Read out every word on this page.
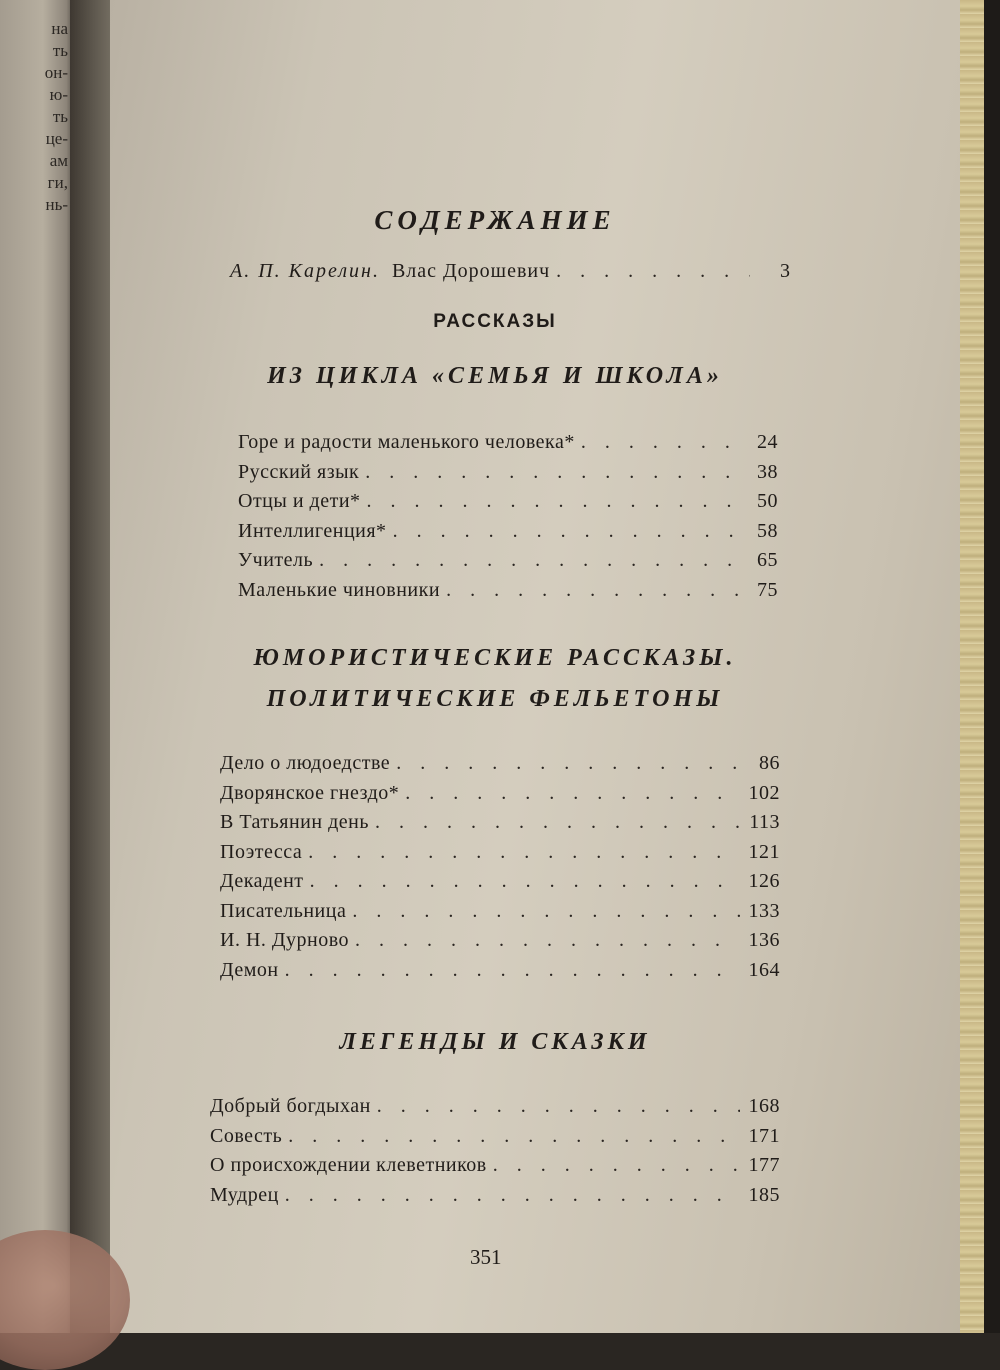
на
ть
он-
ю-
ть
це-
ам
ги,
нь-
СОДЕРЖАНИЕ
А. П. Карелин. Влас Дорошевич . . .	3
РАССКАЗЫ
ИЗ ЦИКЛА «СЕМЬЯ И ШКОЛА»
Горе и радости маленького человека* . . .	24
Русский язык . . .	38
Отцы и дети* . . .	50
Интеллигенция* . . .	58
Учитель . . .	65
Маленькие чиновники . . .	75
ЮМОРИСТИЧЕСКИЕ РАССКАЗЫ.
ПОЛИТИЧЕСКИЕ ФЕЛЬЕТОНЫ
Дело о людоедстве . . .	86
Дворянское гнездо* . . .	102
В Татьянин день . . .	113
Поэтесса . . .	121
Декадент . . .	126
Писательница . . .	133
И. Н. Дурново . . .	136
Демон . . .	164
ЛЕГЕНДЫ И СКАЗКИ
Добрый богдыхан . . .	168
Совесть . . .	171
О происхождении клеветников . . .	177
Мудрец . . .	185
351
